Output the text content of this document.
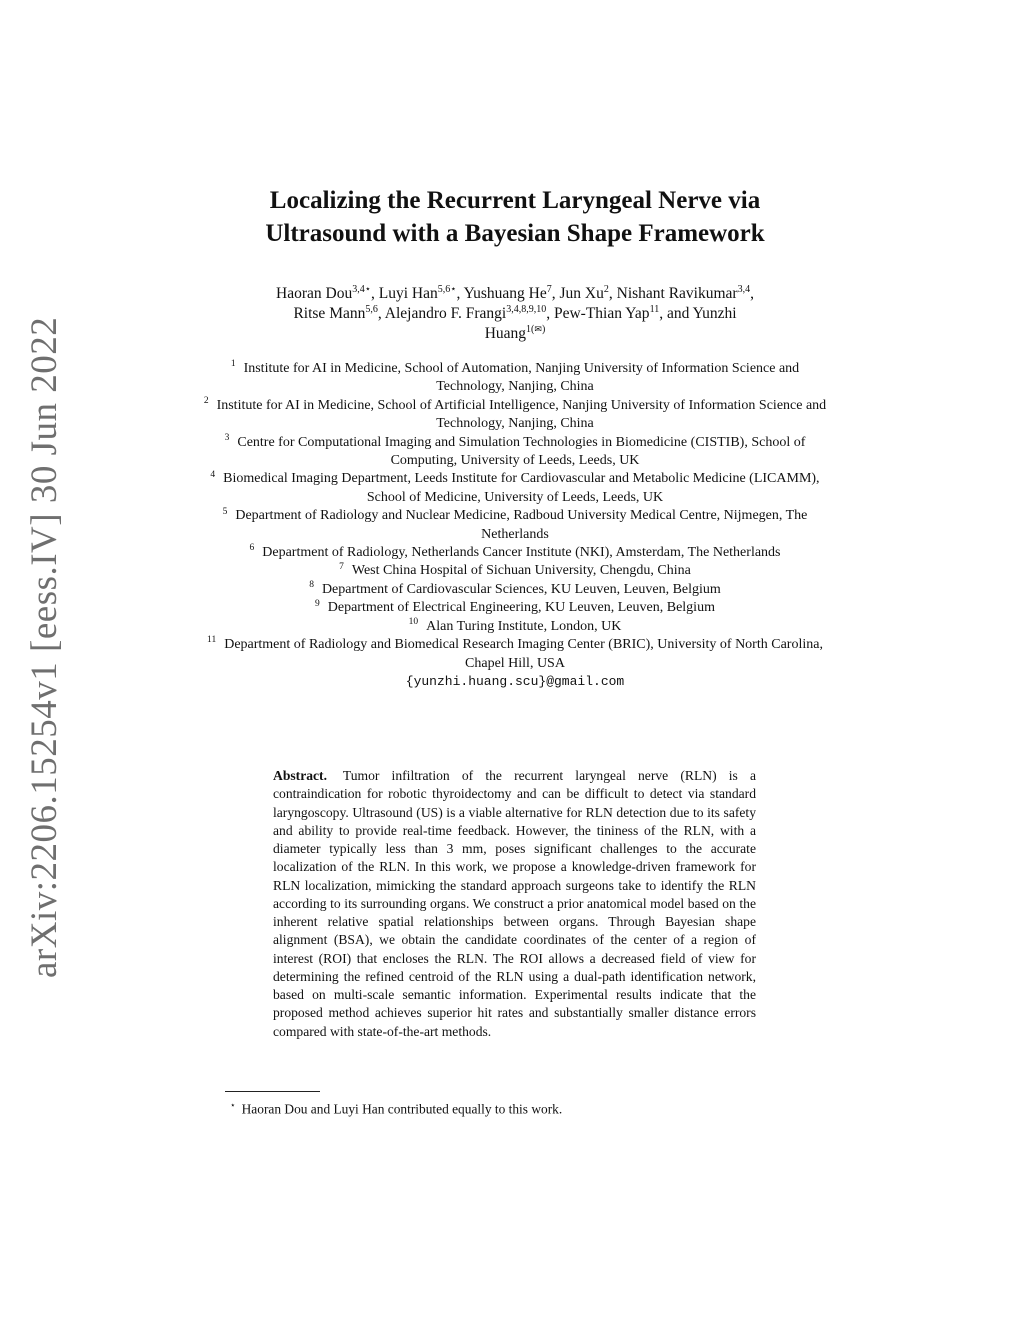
arXiv:2206.15254v1 [eess.IV] 30 Jun 2022
Localizing the Recurrent Laryngeal Nerve via
Ultrasound with a Bayesian Shape Framework
Haoran Dou$^{3,4⋆}$, Luyi Han$^{5,6⋆}$, Yushuang He$^7$, Jun Xu$^2$, Nishant Ravikumar$^{3,4}$,
Ritse Mann$^{5,6}$, Alejandro F. Frangi$^{3,4,8,9,10}$, Pew-Thian Yap$^{11}$, and Yunzhi
Huang$^{1(✉)}$
$^1$ Institute for AI in Medicine, School of Automation, Nanjing University of Information Science and Technology, Nanjing, China
$^2$ Institute for AI in Medicine, School of Artificial Intelligence, Nanjing University of Information Science and Technology, Nanjing, China
$^3$ Centre for Computational Imaging and Simulation Technologies in Biomedicine (CISTIB), School of Computing, University of Leeds, Leeds, UK
$^4$ Biomedical Imaging Department, Leeds Institute for Cardiovascular and Metabolic Medicine (LICAMM), School of Medicine, University of Leeds, Leeds, UK
$^5$ Department of Radiology and Nuclear Medicine, Radboud University Medical Centre, Nijmegen, The Netherlands
$^6$ Department of Radiology, Netherlands Cancer Institute (NKI), Amsterdam, The Netherlands
$^7$ West China Hospital of Sichuan University, Chengdu, China
$^8$ Department of Cardiovascular Sciences, KU Leuven, Leuven, Belgium
$^9$ Department of Electrical Engineering, KU Leuven, Leuven, Belgium
$^{10}$ Alan Turing Institute, London, UK
$^{11}$ Department of Radiology and Biomedical Research Imaging Center (BRIC), University of North Carolina, Chapel Hill, USA
{yunzhi.huang.scu}@gmail.com
Abstract. Tumor infiltration of the recurrent laryngeal nerve (RLN) is a contraindication for robotic thyroidectomy and can be difficult to detect via standard laryngoscopy. Ultrasound (US) is a viable alternative for RLN detection due to its safety and ability to provide real-time feedback. However, the tininess of the RLN, with a diameter typically less than 3 mm, poses significant challenges to the accurate localization of the RLN. In this work, we propose a knowledge-driven framework for RLN localization, mimicking the standard approach surgeons take to identify the RLN according to its surrounding organs. We construct a prior anatomical model based on the inherent relative spatial relationships between organs. Through Bayesian shape alignment (BSA), we obtain the candidate coordinates of the center of a region of interest (ROI) that encloses the RLN. The ROI allows a decreased field of view for determining the refined centroid of the RLN using a dual-path identification network, based on multi-scale semantic information. Experimental results indicate that the proposed method achieves superior hit rates and substantially smaller distance errors compared with state-of-the-art methods.
⋆ Haoran Dou and Luyi Han contributed equally to this work.
